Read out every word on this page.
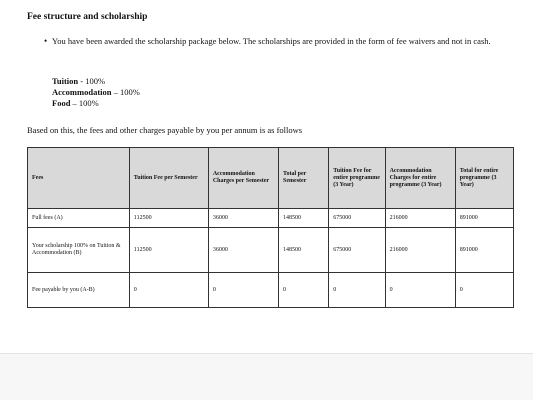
Fee structure and scholarship
• You have been awarded the scholarship package below. The scholarships are provided in the form of fee waivers and not in cash.
Tuition - 100%
Accommodation – 100%
Food – 100%
Based on this, the fees and other charges payable by you per annum is as follows
Fees	Tuition Fee per Semester	Accommodation Charges per Semester	Total per Semester	Tuition Fee for entire programme (3 Year)	Accommodation Charges for entire programme (3 Year)	Total for entire programme (3 Year)
Full fees (A)	112500	36000	148500	675000	216000	891000
Your scholarship 100% on Tuition & Accommodation (B)	112500	36000	148500	675000	216000	891000
Fee payable by you (A-B)	0	0	0	0	0	0
